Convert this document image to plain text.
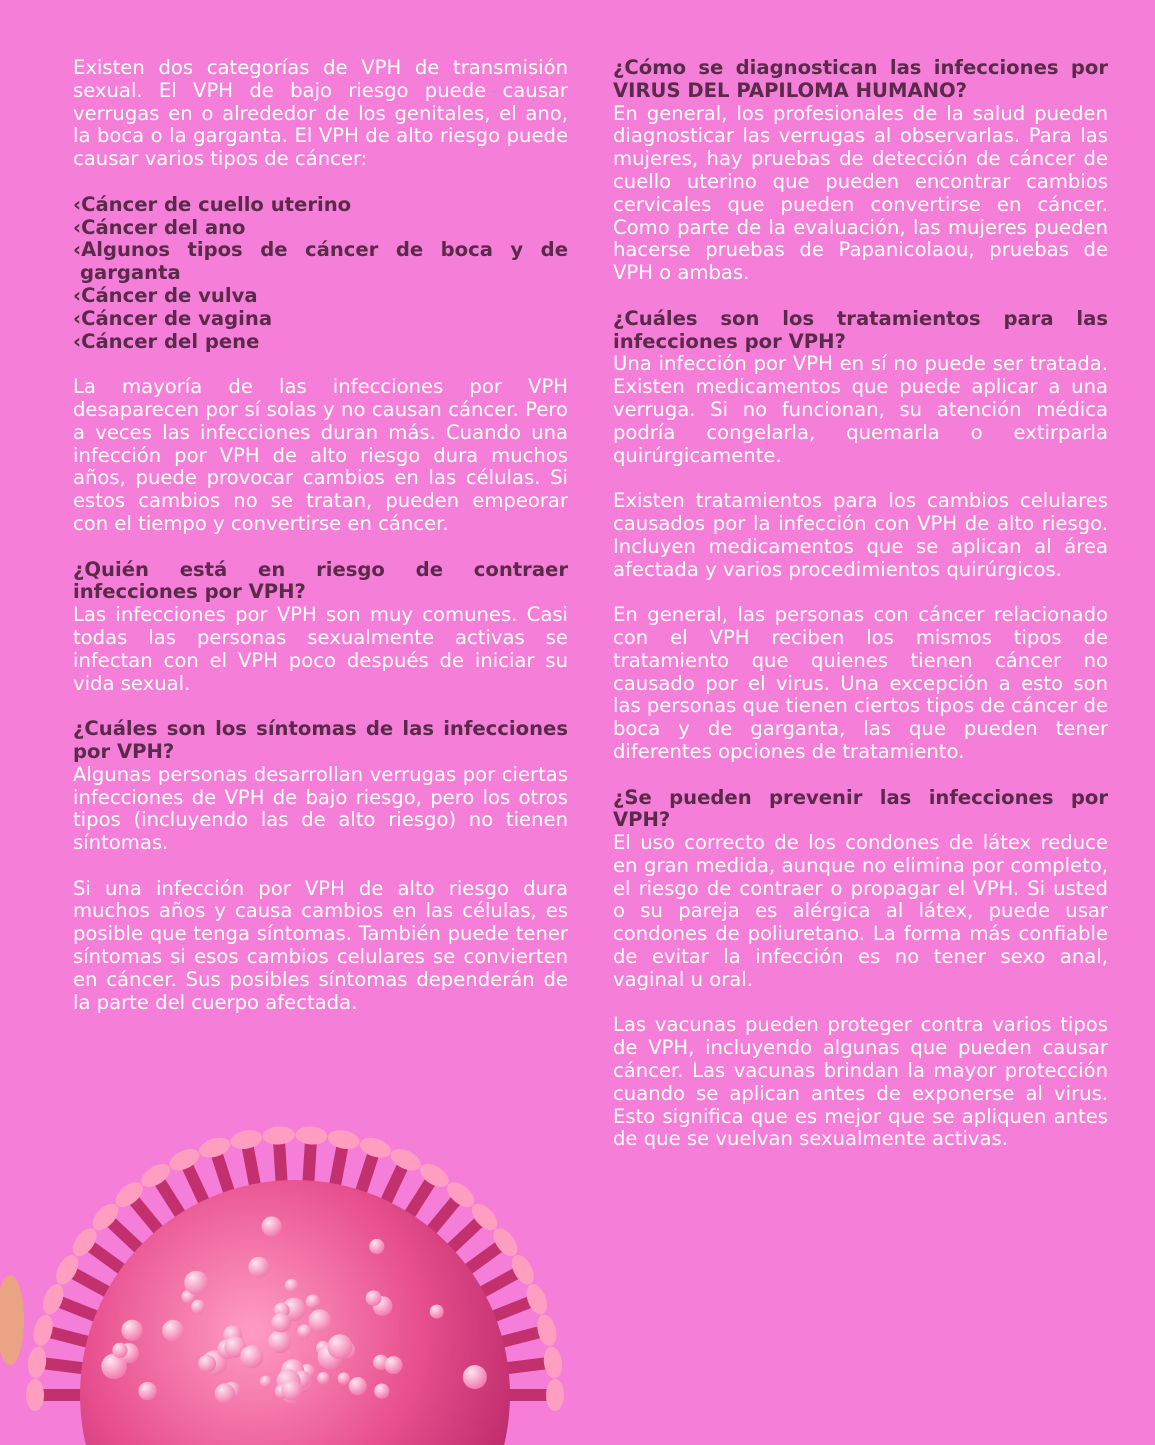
Existen dos categorías de VPH de transmisión sexual. El VPH de bajo riesgo puede causar verrugas en o alrededor de los genitales, el ano, la boca o la garganta. El VPH de alto riesgo puede causar varios tipos de cáncer:

‹Cáncer de cuello uterino
‹Cáncer del ano
‹Algunos tipos de cáncer de boca y de garganta
‹Cáncer de vulva
‹Cáncer de vagina
‹Cáncer del pene

La mayoría de las infecciones por VPH desaparecen por sí solas y no causan cáncer. Pero a veces las infecciones duran más. Cuando una infección por VPH de alto riesgo dura muchos años, puede provocar cambios en las células. Si estos cambios no se tratan, pueden empeorar con el tiempo y convertirse en cáncer.

¿Quién está en riesgo de contraer infecciones por VPH?

Las infecciones por VPH son muy comunes. Casi todas las personas sexualmente activas se infectan con el VPH poco después de iniciar su vida sexual.

¿Cuáles son los síntomas de las infecciones por VPH?

Algunas personas desarrollan verrugas por ciertas infecciones de VPH de bajo riesgo, pero los otros tipos (incluyendo las de alto riesgo) no tienen síntomas.

Si una infección por VPH de alto riesgo dura muchos años y causa cambios en las células, es posible que tenga síntomas. También puede tener síntomas si esos cambios celulares se convierten en cáncer. Sus posibles síntomas dependerán de la parte del cuerpo afectada.

¿Cómo se diagnostican las infecciones por VIRUS DEL PAPILOMA HUMANO?

En general, los profesionales de la salud pueden diagnosticar las verrugas al observarlas. Para las mujeres, hay pruebas de detección de cáncer de cuello uterino que pueden encontrar cambios cervicales que pueden convertirse en cáncer. Como parte de la evaluación, las mujeres pueden hacerse pruebas de Papanicolaou, pruebas de VPH o ambas.

¿Cuáles son los tratamientos para las infecciones por VPH?

Una infección por VPH en sí no puede ser tratada. Existen medicamentos que puede aplicar a una verruga. Si no funcionan, su atención médica podría congelarla, quemarla o extirparla quirúrgicamente.

Existen tratamientos para los cambios celulares causados por la infección con VPH de alto riesgo. Incluyen medicamentos que se aplican al área afectada y varios procedimientos quirúrgicos.

En general, las personas con cáncer relacionado con el VPH reciben los mismos tipos de tratamiento que quienes tienen cáncer no causado por el virus. Una excepción a esto son las personas que tienen ciertos tipos de cáncer de boca y de garganta, las que pueden tener diferentes opciones de tratamiento.

¿Se pueden prevenir las infecciones por VPH?

El uso correcto de los condones de látex reduce en gran medida, aunque no elimina por completo, el riesgo de contraer o propagar el VPH. Si usted o su pareja es alérgica al látex, puede usar condones de poliuretano. La forma más confiable de evitar la infección es no tener sexo anal, vaginal u oral.

Las vacunas pueden proteger contra varios tipos de VPH, incluyendo algunas que pueden causar cáncer. Las vacunas brindan la mayor protección cuando se aplican antes de exponerse al virus. Esto significa que es mejor que se apliquen antes de que se vuelvan sexualmente activas.
